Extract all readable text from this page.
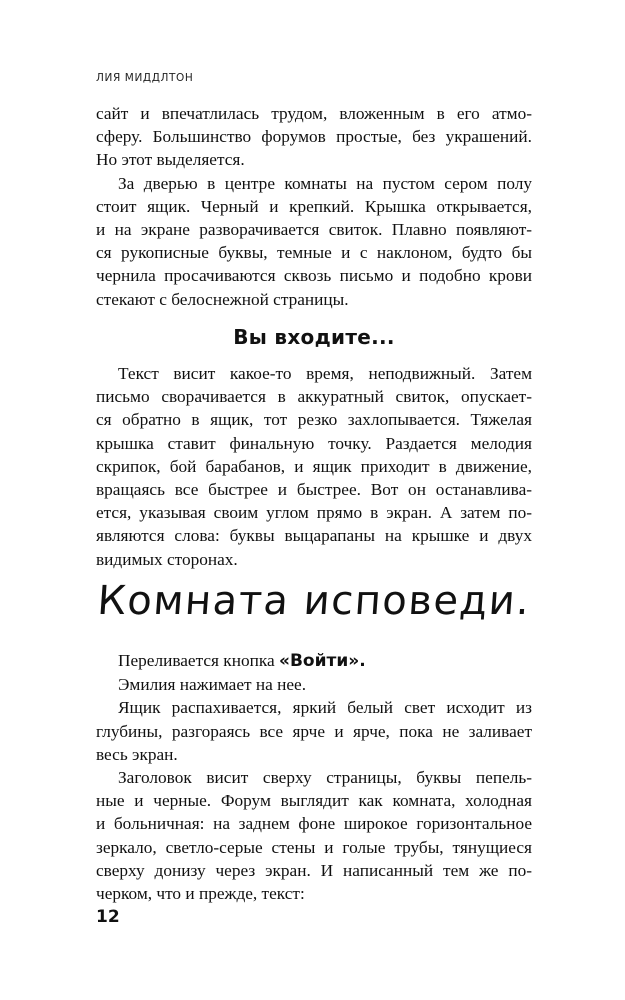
ЛИЯ МИДДЛТОН
сайт и впечатлилась трудом, вложенным в его атмо-
сферу. Большинство форумов простые, без украшений.
Но этот выделяется.
За дверью в центре комнаты на пустом сером полу
стоит ящик. Черный и крепкий. Крышка открывается,
и на экране разворачивается свиток. Плавно появляют-
ся рукописные буквы, темные и с наклоном, будто бы
чернила просачиваются сквозь письмо и подобно крови
стекают с белоснежной страницы.
Вы входите...
Текст висит какое-то время, неподвижный. Затем
письмо сворачивается в аккуратный свиток, опускает-
ся обратно в ящик, тот резко захлопывается. Тяжелая
крышка ставит финальную точку. Раздается мелодия
скрипок, бой барабанов, и ящик приходит в движение,
вращаясь все быстрее и быстрее. Вот он останавлива-
ется, указывая своим углом прямо в экран. А затем по-
являются слова: буквы выцарапаны на крышке и двух
видимых сторонах.
Комната исповеди.
Переливается кнопка «Войти».
Эмилия нажимает на нее.
Ящик распахивается, яркий белый свет исходит из
глубины, разгораясь все ярче и ярче, пока не заливает
весь экран.
Заголовок висит сверху страницы, буквы пепель-
ные и черные. Форум выглядит как комната, холодная
и больничная: на заднем фоне широкое горизонтальное
зеркало, светло-серые стены и голые трубы, тянущиеся
сверху донизу через экран. И написанный тем же по-
черком, что и прежде, текст:
12
